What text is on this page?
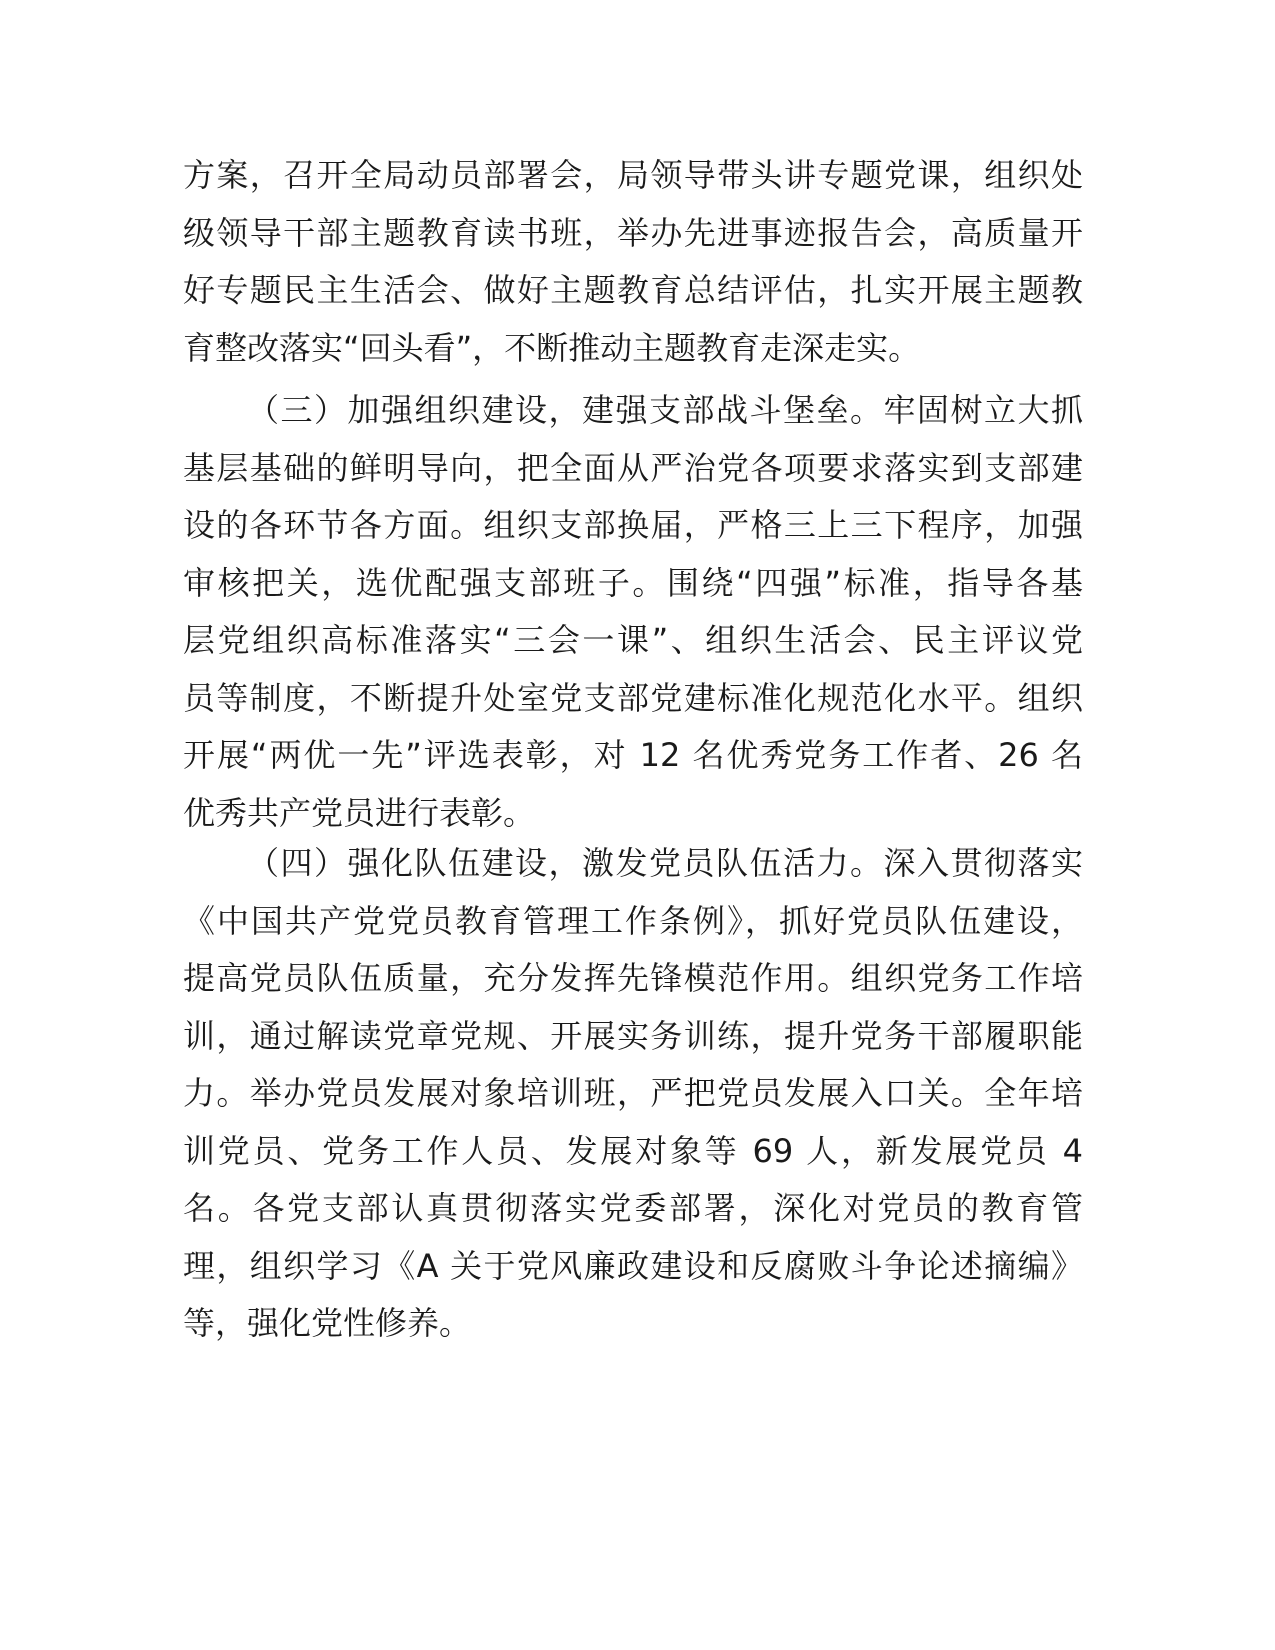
方案，召开全局动员部署会，局领导带头讲专题党课，组织处
级领导干部主题教育读书班，举办先进事迹报告会，高质量开
好专题民主生活会、做好主题教育总结评估，扎实开展主题教
育整改落实“回头看”，不断推动主题教育走深走实。
（三）加强组织建设，建强支部战斗堡垒。牢固树立大抓
基层基础的鲜明导向，把全面从严治党各项要求落实到支部建
设的各环节各方面。组织支部换届，严格三上三下程序，加强
审核把关，选优配强支部班子。围绕“四强”标准，指导各基
层党组织高标准落实“三会一课”、组织生活会、民主评议党
员等制度，不断提升处室党支部党建标准化规范化水平。组织
开展“两优一先”评选表彰，对 12 名优秀党务工作者、26 名
优秀共产党员进行表彰。
（四）强化队伍建设，激发党员队伍活力。深入贯彻落实
《中国共产党党员教育管理工作条例》，抓好党员队伍建设，
提高党员队伍质量，充分发挥先锋模范作用。组织党务工作培
训，通过解读党章党规、开展实务训练，提升党务干部履职能
力。举办党员发展对象培训班，严把党员发展入口关。全年培
训党员、党务工作人员、发展对象等 69 人，新发展党员 4
名。各党支部认真贯彻落实党委部署，深化对党员的教育管
理，组织学习《A 关于党风廉政建设和反腐败斗争论述摘编》
等，强化党性修养。
